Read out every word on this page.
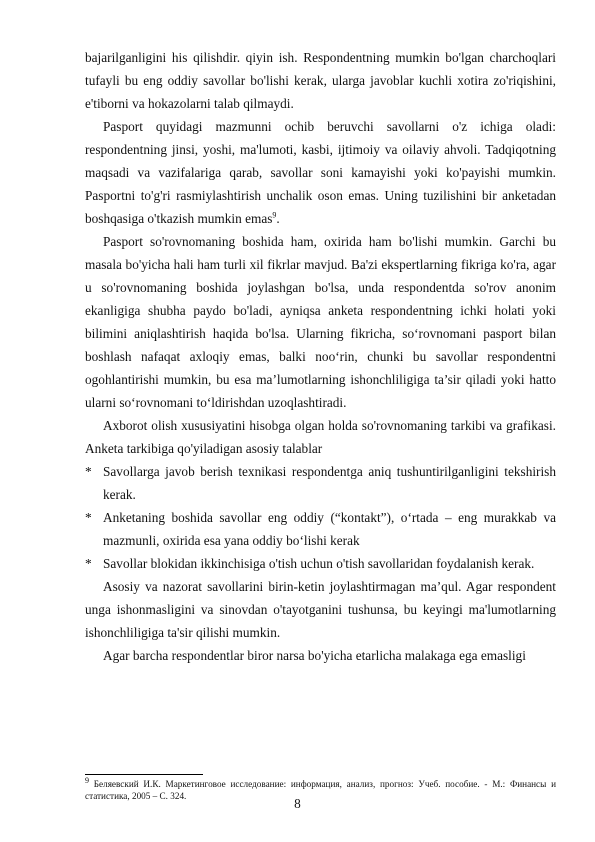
bajarilganligini his qilishdir. qiyin ish. Respondentning mumkin bo'lgan charchoqlari tufayli bu eng oddiy savollar bo'lishi kerak, ularga javoblar kuchli xotira zo'riqishini, e'tiborni va hokazolarni talab qilmaydi.

Pasport quyidagi mazmunni ochib beruvchi savollarni o'z ichiga oladi: respondentning jinsi, yoshi, ma'lumoti, kasbi, ijtimoiy va oilaviy ahvoli. Tadqiqotning maqsadi va vazifalariga qarab, savollar soni kamayishi yoki ko'payishi mumkin. Pasportni to'g'ri rasmiylashtirish unchalik oson emas. Uning tuzilishini bir anketadan boshqasiga o'tkazish mumkin emas$^9$.

Pasport so'rovnomaning boshida ham, oxirida ham bo'lishi mumkin. Garchi bu masala bo'yicha hali ham turli xil fikrlar mavjud. Ba'zi ekspertlarning fikriga ko'ra, agar u so'rovnomaning boshida joylashgan bo'lsa, unda respondentda so'rov anonim ekanligiga shubha paydo bo'ladi, ayniqsa anketa respondentning ichki holati yoki bilimini aniqlashtirish haqida bo'lsa. Ularning fikricha, so‘rovnomani pasport bilan boshlash nafaqat axloqiy emas, balki noo‘rin, chunki bu savollar respondentni ogohlantirishi mumkin, bu esa ma’lumotlarning ishonchliligiga ta’sir qiladi yoki hatto ularni so‘rovnomani to‘ldirishdan uzoqlashtiradi.

Axborot olish xususiyatini hisobga olgan holda so'rovnomaning tarkibi va grafikasi. Anketa tarkibiga qo'yiladigan asosiy talablar

* Savollarga javob berish texnikasi respondentga aniq tushuntirilganligini tekshirish kerak.

* Anketaning boshida savollar eng oddiy (“kontakt”), o‘rtada – eng murakkab va mazmunli, oxirida esa yana oddiy bo‘lishi kerak

* Savollar blokidan ikkinchisiga o'tish uchun o'tish savollaridan foydalanish kerak.

Asosiy va nazorat savollarini birin-ketin joylashtirmagan ma’qul. Agar respondent unga ishonmasligini va sinovdan o'tayotganini tushunsa, bu keyingi ma'lumotlarning ishonchliligiga ta'sir qilishi mumkin.

Agar barcha respondentlar biror narsa bo'yicha etarlicha malakaga ega emasligi

$^9$ Беляевский И.К. Маркетинговое исследование: информация, анализ, прогноз: Учеб. пособие. - М.: Финансы и статистика, 2005 – С. 324.	8
